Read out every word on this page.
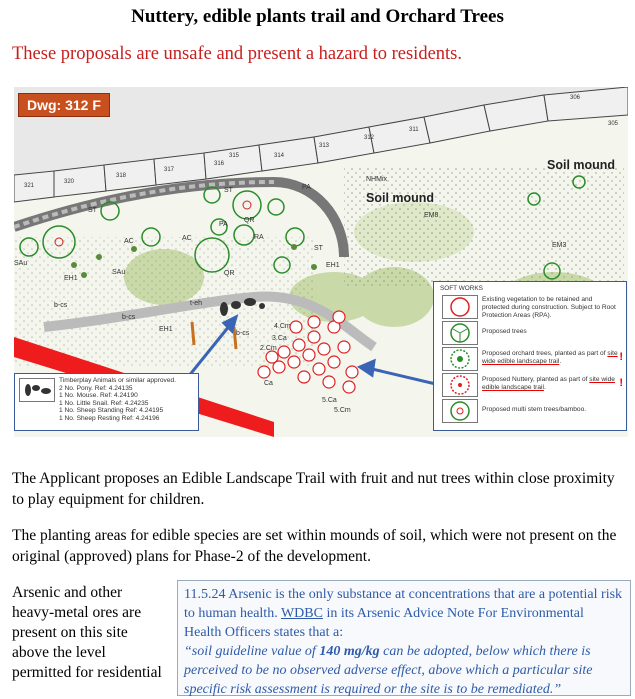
Nuttery, edible plants trail and Orchard Trees
These proposals are unsafe and present a hazard to residents.
321
320
318
317
316
315	314
313
312
311
306
305
NHMix
EM8
EM3
EH1
EH1
AC	AC
ST
ST
ST
PA
PA
QR
QR
SAu
SAu
RA
b-cs
b-cs
b-cs
4.Cm
3.Ca
2.Cm
5.Ca
5.Cm
Ca
t-eh
EH1
Dwg: 312 F
Soil mound
Soil mound
SOFT WORKS
Existing vegetation to be retained and protected during construction. Subject to Root Protection Areas (RPA).
Proposed trees
Proposed orchard trees, planted as part of site wide edible landscape trail.	!
Proposed Nuttery, planted as part of site wide edible landscape trail.	!
Proposed multi stem trees/bamboo.
Timberplay Animals or similar approved.
2 No. Pony. Ref: 4.24135
1 No. Mouse. Ref: 4.24190
1 No. Little Snail. Ref: 4.24235
1 No. Sheep Standing Ref: 4.24195
1 No. Sheep Resting Ref: 4.24196
The Applicant proposes an Edible Landscape Trail with fruit and nut trees within close proximity to play equipment for children.
The planting areas for edible species are set within mounds of soil, which were not present on the original (approved) plans for Phase-2 of the development.
Arsenic and other heavy-metal ores are present on this site above the level permitted for residential
11.5.24 Arsenic is the only substance at concentrations that are a potential risk to human health. WDBC in its Arsenic Advice Note For Environmental Health Officers states that a:
“soil guideline value of 140 mg/kg can be adopted, below which there is perceived to be no observed adverse effect, above which a particular site specific risk assessment is required or the site is to be remediated.”
